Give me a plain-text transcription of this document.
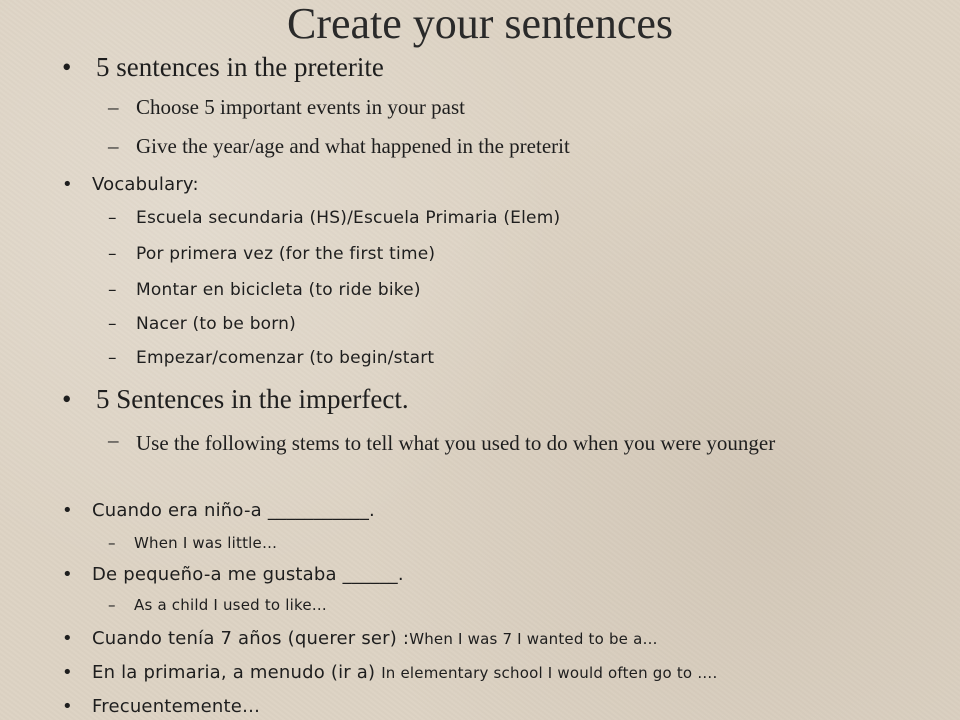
Create your sentences
• 5 sentences in the preterite
– Choose 5 important events in your past
– Give the year/age and what happened in the preterit
• Vocabulary:
– Escuela secundaria (HS)/Escuela Primaria (Elem)
– Por primera vez (for the first time)
– Montar en bicicleta (to ride bike)
– Nacer (to be born)
– Empezar/comenzar (to begin/start
• 5 Sentences in the imperfect.
– Use the following stems to tell what you used to do when you were younger
• Cuando era niño-a ___________.
– When I was little…
• De pequeño-a me gustaba ______.
– As a child I used to like…
• Cuando tenía 7 años (querer ser) :When I was 7 I wanted to be a…
• En la primaria, a menudo (ir a) In elementary school I would often go to ….
• Frecuentemente…
